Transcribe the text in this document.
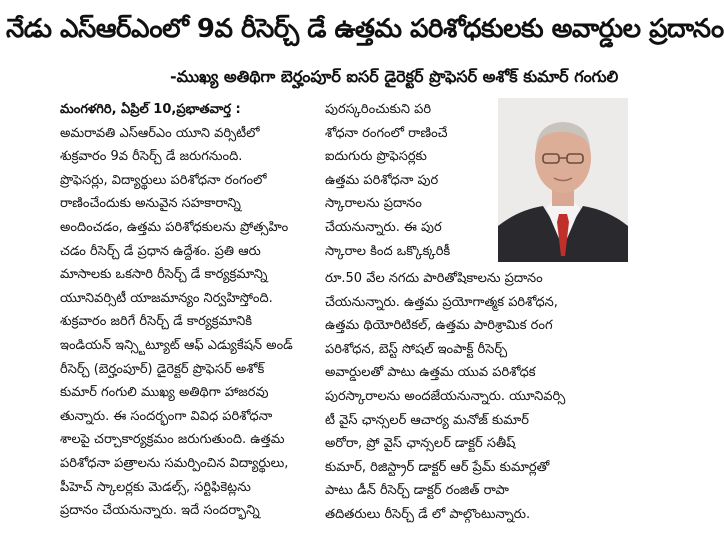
నేడు ఎస్ఆర్ఎంలో 9వ రీసెర్చ్ డే ఉత్తమ పరిశోధకులకు అవార్డుల ప్రదానం
-ముఖ్య అతిథిగా బెర్హంపూర్ ఐసర్ డైరెక్టర్ ప్రొఫెసర్ అశోక్ కుమార్ గంగులి
మంగళగిరి, ఏప్రిల్ 10,ప్రభాతవార్త :
అమరావతి ఎస్ఆర్ఎం యూని వర్సిటీలో
శుక్రవారం 9వ రీసెర్చ్ డే జరుగనుంది.
ప్రొఫెసర్లు, విద్యార్థులు పరిశోధనా రంగంలో
రాణించేందుకు అనువైన సహకారాన్ని
అందించడం, ఉత్తమ పరిశోధకులను ప్రోత్సహిం
చడం రీసెర్చ్ డే ప్రధాన ఉద్దేశం. ప్రతి ఆరు
మాసాలకు ఒకసారి రీసెర్చ్ డే కార్యక్రమాన్ని
యూనివర్సిటీ యాజమాన్యం నిర్వహిస్తోంది.
శుక్రవారం జరిగే రీసెర్చ్ డే కార్యక్రమానికి
ఇండియన్ ఇన్స్టిట్యూట్ ఆఫ్ ఎడ్యుకేషన్ అండ్
రీసెర్చ్ (బెర్హంపూర్) డైరెక్టర్ ప్రొఫెసర్ అశోక్
కుమార్ గంగులి ముఖ్య అతిథిగా హాజరవు
తున్నారు. ఈ సందర్భంగా వివిధ పరిశోధనా
శాలపై చర్చాకార్యక్రమం జరుగుతుంది. ఉత్తమ
పరిశోధనా పత్రాలను సమర్పించిన విద్యార్థులు,
పీహెచ్ స్కాలర్లకు మెడల్స్, సర్టిఫికెట్లను
ప్రదానం చేయనున్నారు. ఇదే సందర్భాన్ని
పురస్కరించుకుని పరి
శోధనా రంగంలో రాణించే
ఐదుగురు ప్రొఫెసర్లకు
ఉత్తమ పరిశోధనా పుర
స్కారాలను ప్రదానం
చేయనున్నారు. ఈ పుర
స్కారాల కింద ఒక్కొక్కరికీ
రూ.50 వేల నగదు పారితోషికాలను ప్రదానం
చేయనున్నారు. ఉత్తమ ప్రయోగాత్మక పరిశోధన,
ఉత్తమ థియోరిటికల్, ఉత్తమ పారిశ్రామిక రంగ
పరిశోధన, బెస్ట్ సోషల్ ఇంపాక్ట్ రీసెర్చ్
అవార్డులతో పాటు ఉత్తమ యువ పరిశోధక
పురస్కారాలను అందజేయనున్నారు. యూనివర్సి
టీ వైస్ ఛాన్సలర్ ఆచార్య మనోజ్ కుమార్
అరోరా, ప్రో వైస్ ఛాన్సలర్ డాక్టర్ సతీష్
కుమార్, రిజిస్ట్రార్ డాక్టర్ ఆర్ ప్రేమ్ కుమార్లతో
పాటు డీన్ రీసెర్చ్ డాక్టర్ రంజిత్ రాపా
తదితరులు రీసెర్చ్ డే లో పాల్గొంటున్నారు.
